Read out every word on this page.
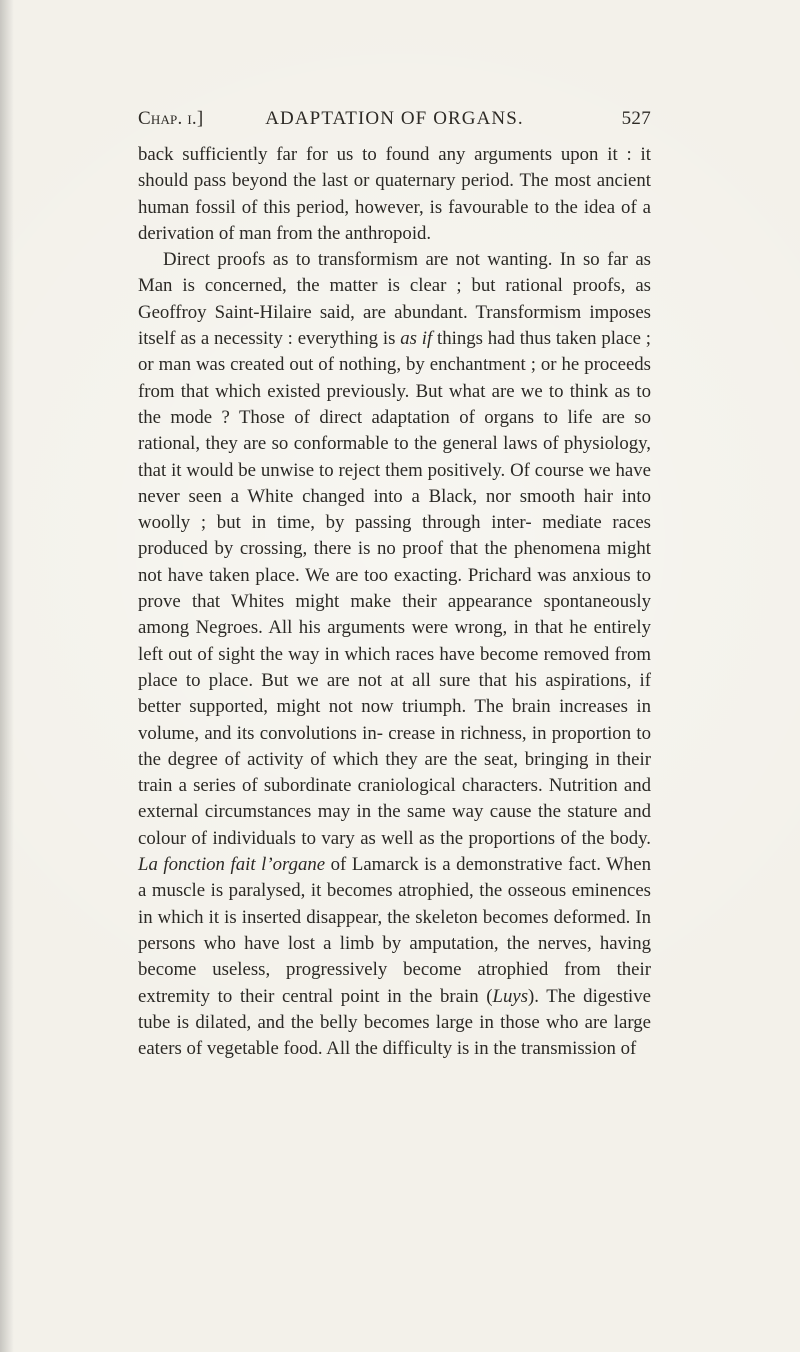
Chap. i.]	ADAPTATION OF ORGANS.	527

back sufficiently far for us to found any arguments upon it : it should pass beyond the last or quaternary period. The most ancient human fossil of this period, however, is favourable to the idea of a derivation of man from the anthropoid.

Direct proofs as to transformism are not wanting. In so far as Man is concerned, the matter is clear ; but rational proofs, as Geoffroy Saint-Hilaire said, are abundant. Transformism imposes itself as a necessity : everything is as if things had thus taken place ; or man was created out of nothing, by enchantment ; or he proceeds from that which existed previously. But what are we to think as to the mode ? Those of direct adaptation of organs to life are so rational, they are so conformable to the general laws of physiology, that it would be unwise to reject them positively. Of course we have never seen a White changed into a Black, nor smooth hair into woolly ; but in time, by passing through inter- mediate races produced by crossing, there is no proof that the phenomena might not have taken place. We are too exacting. Prichard was anxious to prove that Whites might make their appearance spontaneously among Negroes. All his arguments were wrong, in that he entirely left out of sight the way in which races have become removed from place to place. But we are not at all sure that his aspirations, if better supported, might not now triumph. The brain increases in volume, and its convolutions in- crease in richness, in proportion to the degree of activity of which they are the seat, bringing in their train a series of subordinate craniological characters. Nutrition and external circumstances may in the same way cause the stature and colour of individuals to vary as well as the proportions of the body. La fonction fait l’organe of Lamarck is a demonstrative fact. When a muscle is paralysed, it becomes atrophied, the osseous eminences in which it is inserted disappear, the skeleton becomes deformed. In persons who have lost a limb by amputation, the nerves, having become useless, progressively become atrophied from their extremity to their central point in the brain (Luys). The digestive tube is dilated, and the belly becomes large in those who are large eaters of vegetable food. All the difficulty is in the transmission of
